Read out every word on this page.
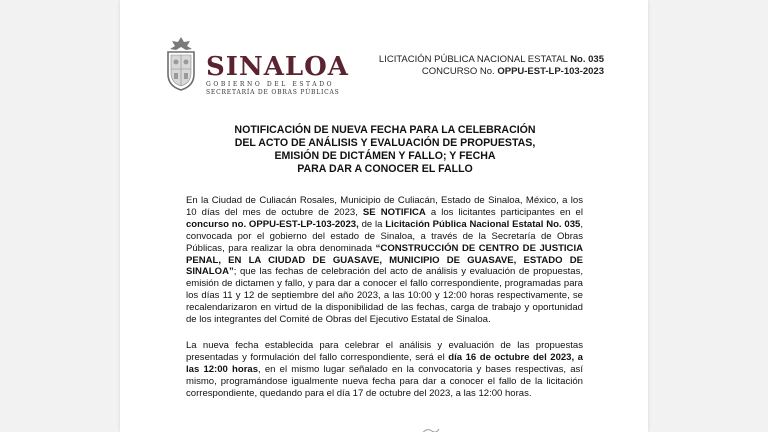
SINALOA
GOBIERNO DEL ESTADO
SECRETARÍA DE OBRAS PÚBLICAS
LICITACIÓN PÚBLICA NACIONAL ESTATAL No. 035
CONCURSO No. OPPU-EST-LP-103-2023
NOTIFICACIÓN DE NUEVA FECHA PARA LA CELEBRACIÓN
DEL ACTO DE ANÁLISIS Y EVALUACIÓN DE PROPUESTAS,
EMISIÓN DE DICTÁMEN Y FALLO; Y FECHA
PARA DAR A CONOCER EL FALLO

En la Ciudad de Culiacán Rosales, Municipio de Culiacán, Estado de Sinaloa, México, a los 10 días del mes de octubre de 2023, SE NOTIFICA a los licitantes participantes en el concurso no. OPPU-EST-LP-103-2023, de la Licitación Pública Nacional Estatal No. 035, convocada por el gobierno del estado de Sinaloa, a través de la Secretaría de Obras Públicas, para realizar la obra denominada “CONSTRUCCIÓN DE CENTRO DE JUSTICIA PENAL, EN LA CIUDAD DE GUASAVE, MUNICIPIO DE GUASAVE, ESTADO DE SINALOA”; que las fechas de celebración del acto de análisis y evaluación de propuestas, emisión de dictamen y fallo, y para dar a conocer el fallo correspondiente, programadas para los días 11 y 12 de septiembre del año 2023, a las 10:00 y 12:00 horas respectivamente, se recalendarizaron en virtud de la disponibilidad de las fechas, carga de trabajo y oportunidad de los integrantes del Comité de Obras del Ejecutivo Estatal de Sinaloa.

La nueva fecha establecida para celebrar el análisis y evaluación de las propuestas presentadas y formulación del fallo correspondiente, será el día 16 de octubre del 2023, a las 12:00 horas, en el mismo lugar señalado en la convocatoria y bases respectivas, así mismo, programándose igualmente nueva fecha para dar a conocer el fallo de la licitación correspondiente, quedando para el día 17 de octubre del 2023, a las 12:00 horas.
